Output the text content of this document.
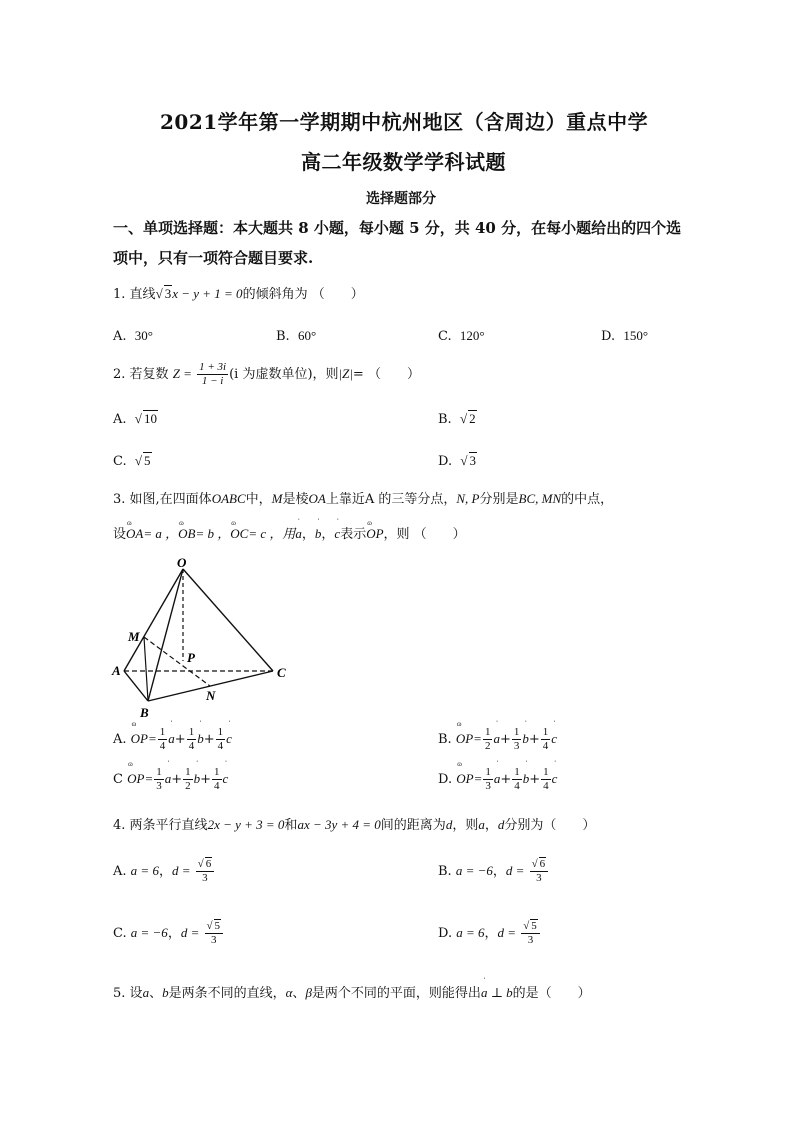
2021学年第一学期期中杭州地区（含周边）重点中学
高二年级数学学科试题
选择题部分
一、单项选择题：本大题共 8 小题，每小题 5 分，共 40 分，在每小题给出的四个选
项中，只有一项符合题目要求.
1. 直线√ 3x − y + 1 = 0的倾斜角为 （　　）
A. 30°	B. 60°	C. 120°	D. 150°
2. 若复数 $Z = \frac{1 + 3i}{1 - i} (i$ 为虚数单位)，则|Z|= （　　）
A. √ 10	B. √ 2
C. √ 5	D. √ 3
3. 如图,在四面体OABC中，M是棱OA上靠近A 的三等分点，N, P分别是BC, MN的中点，
设ɷ OA= a ，ɷ OB= b ，ɷ OC= c ，用ˈ a，ˈ b，ˈ c表示ɷ OP，则 （　　）
O
M
P
A	C
N
B
A. ɷ $OP= \frac{1}{4}$ ˈ $a+ \frac{1}{4}$ ˈ $b+ \frac{1}{4}$ ˈ c	B. ɷ $OP= \frac{1}{2}$ ˈ $a+ \frac{1}{3}$ ˈ $b+ \frac{1}{4}$ ˈ c
C ɷ $OP= \frac{1}{3}$ ˈ $a+ \frac{1}{2}$ ˈ $b+ \frac{1}{4}$ ˈ c	D. ɷ $OP= \frac{1}{3}$ ˈ $a+ \frac{1}{4}$ ˈ $b+ \frac{1}{4}$ ˈ c
4. 两条平行直线2x − y + 3 = 0和ax − 3y + 4 = 0间的距离为d，则a，d分别为（　　）
A. a = 6，$d = \frac{√ 6}{3}$	B. a = −6，$d = \frac{√ 6}{3}$
C. a = −6，$d = \frac{√ 5}{3}$	D. a = 6，$d = \frac{√ 5}{3}$
5. 设a、b是两条不同的直线，α、β是两个不同的平面，则能得出ˈ a ⊥ b的是（　　）
